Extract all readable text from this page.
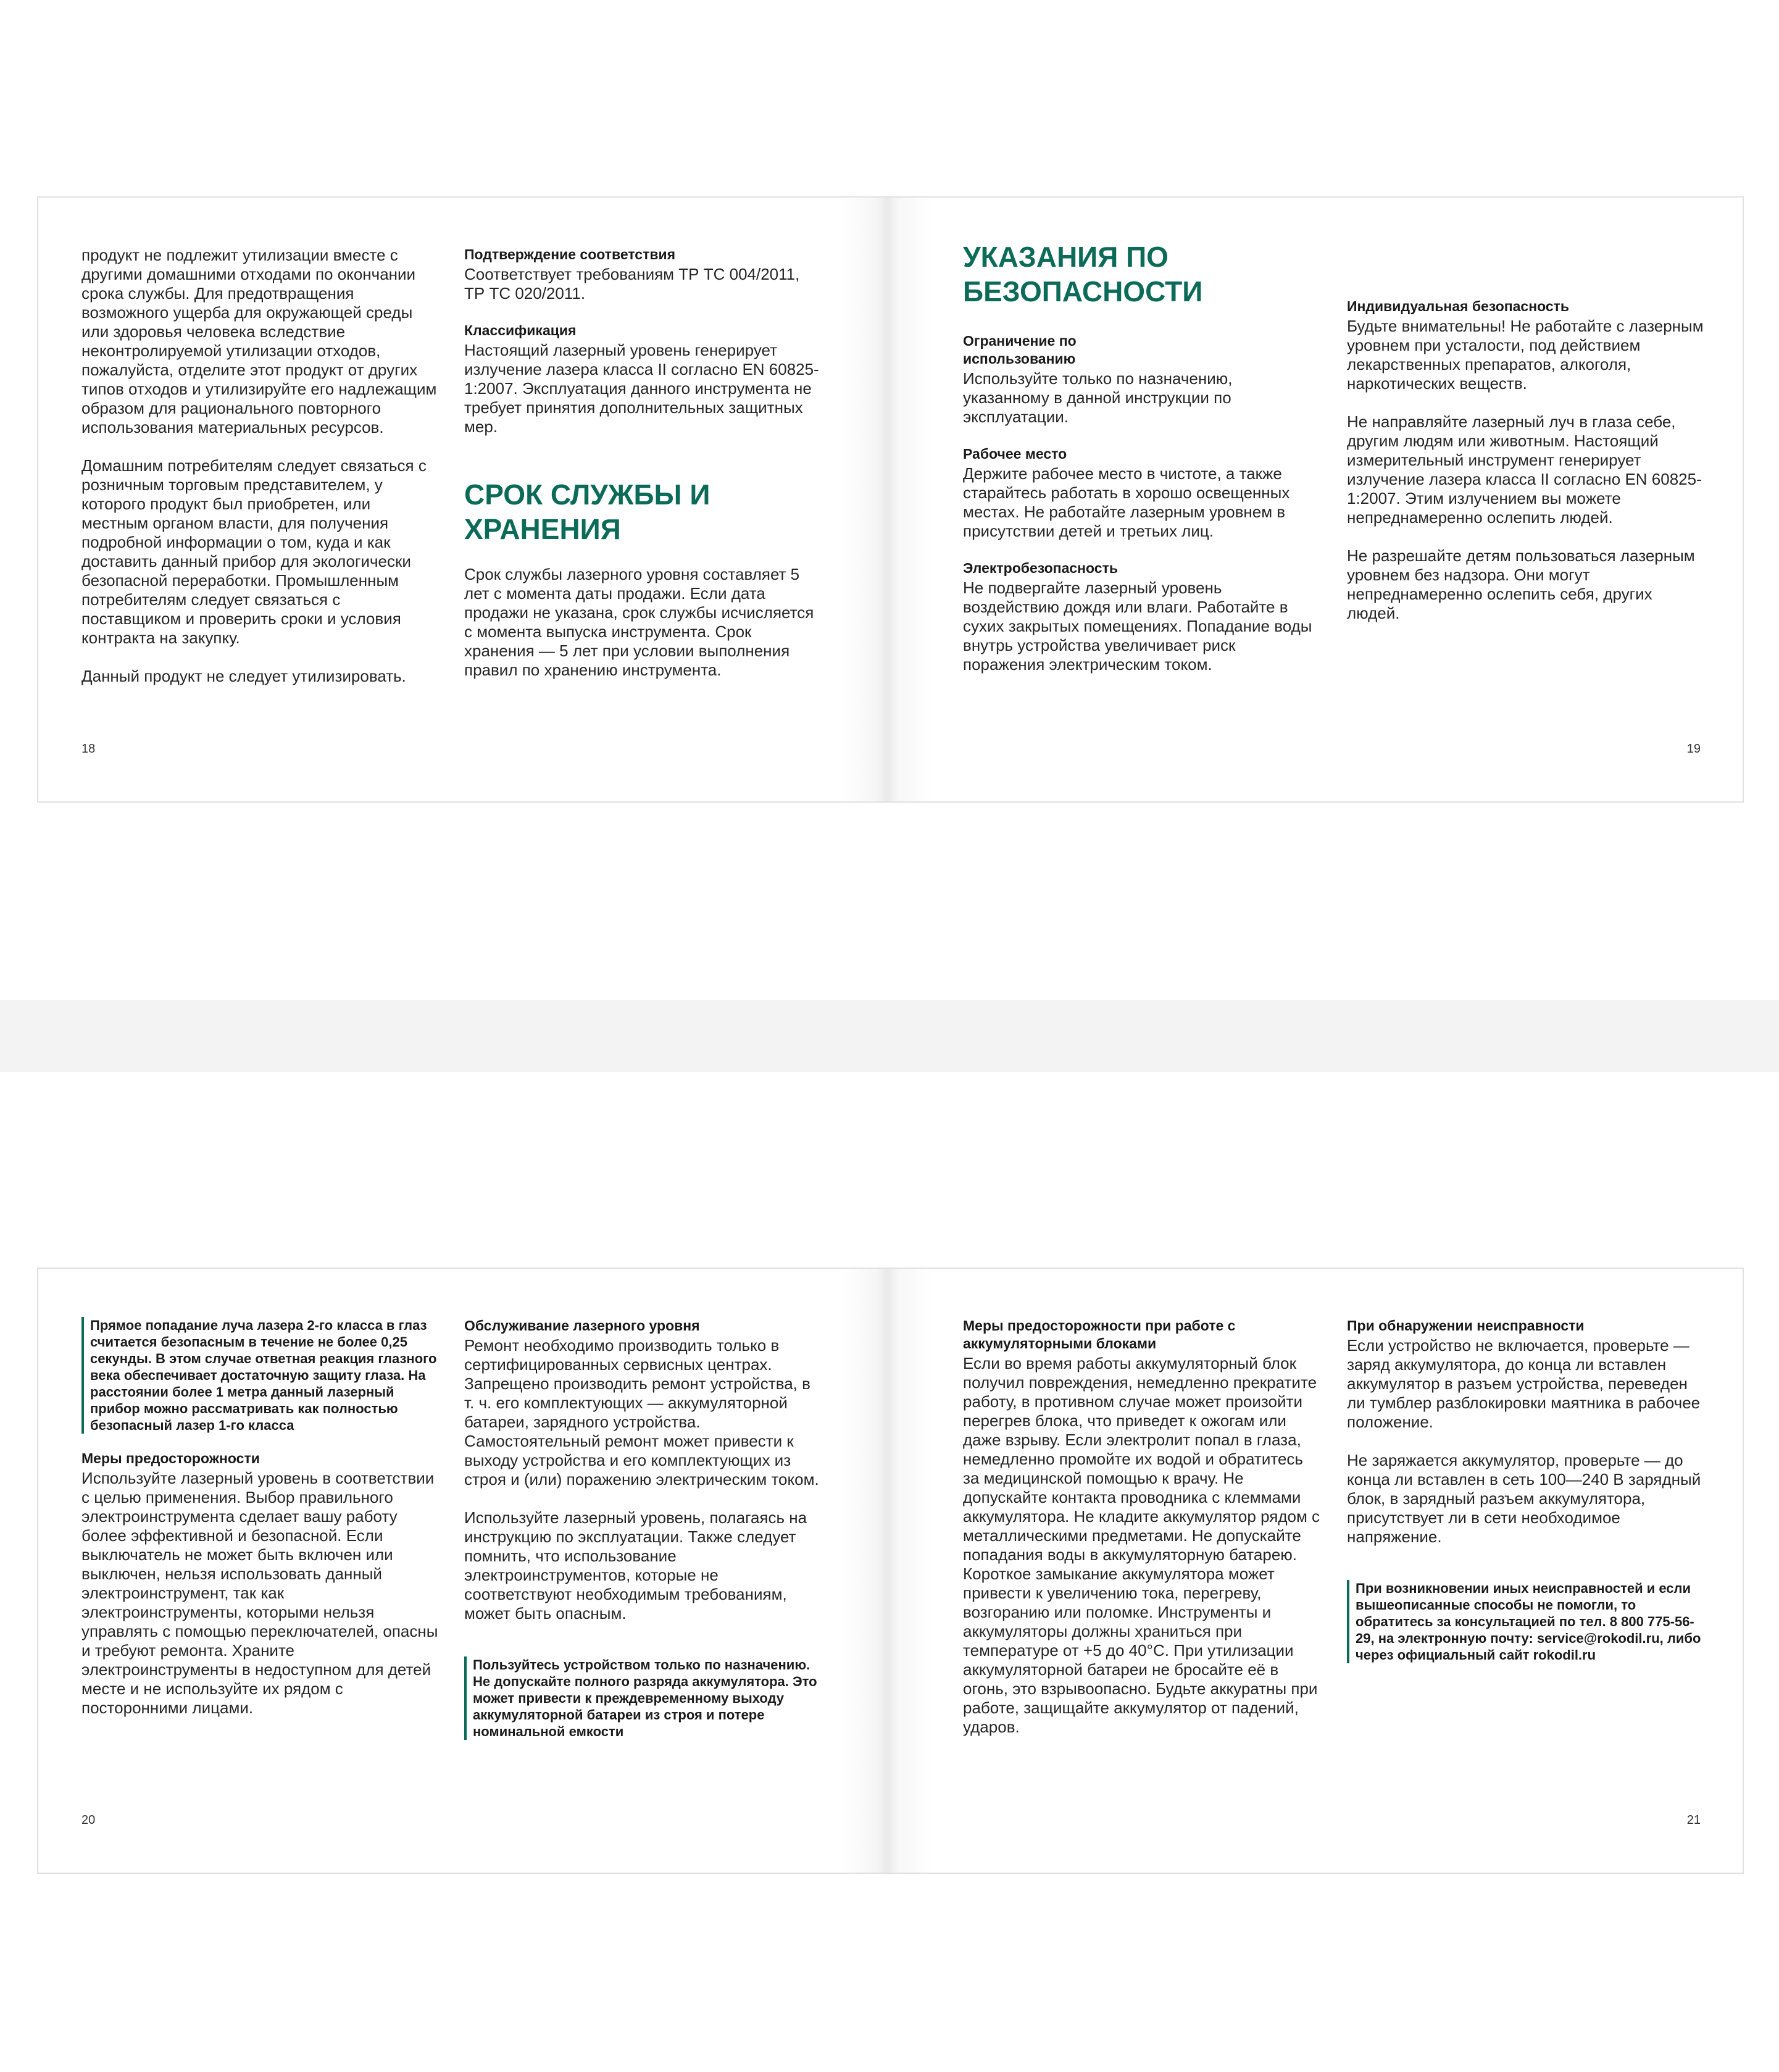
продукт не подлежит утилизации вместе с другими домашними отходами по окончании срока службы. Для предотвращения возможного ущерба для окружающей среды или здоровья человека вследствие неконтролируемой утилизации отходов, пожалуйста, отделите этот продукт от других типов отходов и утилизируйте его надлежащим образом для рационального повторного использования материальных ресурсов.

Домашним потребителям следует связаться с розничным торговым представителем, у которого продукт был приобретен, или местным органом власти, для получения подробной информации о том, куда и как доставить данный прибор для экологически безопасной переработки. Промышленным потребителям следует связаться с поставщиком и проверить сроки и условия контракта на закупку.

Данный продукт не следует утилизировать.

Подтверждение соответствия

Соответствует требованиям ТР ТС 004/2011, ТР ТС 020/2011.

Классификация

Настоящий лазерный уровень генерирует излучение лазера класса II согласно EN 60825-1:2007. Эксплуатация данного инструмента не требует принятия дополнительных защитных мер.

СРОК СЛУЖБЫ И ХРАНЕНИЯ

Срок службы лазерного уровня составляет 5 лет с момента даты продажи. Если дата продажи не указана, срок службы исчисляется с момента выпуска инструмента. Срок хранения — 5 лет при условии выполнения правил по хранению инструмента.

УКАЗАНИЯ ПО БЕЗОПАСНОСТИ
Ограничение по использованию

Используйте только по назначению, указанному в данной инструкции по эксплуатации.

Рабочее место

Держите рабочее место в чистоте, а также старайтесь работать в хорошо освещенных местах. Не работайте лазерным уровнем в присутствии детей и третьих лиц.

Электробезопасность

Не подвергайте лазерный уровень воздействию дождя или влаги. Работайте в сухих закрытых помещениях. Попадание воды внутрь устройства увеличивает риск поражения электрическим током.

Индивидуальная безопасность

Будьте внимательны! Не работайте с лазерным уровнем при усталости, под действием лекарственных препаратов, алкоголя, наркотических веществ.

Не направляйте лазерный луч в глаза себе, другим людям или животным. Настоящий измерительный инструмент генерирует излучение лазера класса II согласно EN 60825-1:2007. Этим излучением вы можете непреднамеренно ослепить людей.

Не разрешайте детям пользоваться лазерным уровнем без надзора. Они могут непреднамеренно ослепить себя, других людей.

18	19
Прямое попадание луча лазера 2-го класса в глаз считается безопасным в течение не более 0,25 секунды. В этом случае ответная реакция глазного века обеспечивает достаточную защиту глаза. На расстоянии более 1 метра данный лазерный прибор можно рассматривать как полностью безопасный лазер 1-го класса
Меры предосторожности

Используйте лазерный уровень в соответствии с целью применения. Выбор правильного электроинструмента сделает вашу работу более эффективной и безопасной. Если выключатель не может быть включен или выключен, нельзя использовать данный электроинструмент, так как электроинструменты, которыми нельзя управлять с помощью переключателей, опасны и требуют ремонта. Храните электроинструменты в недоступном для детей месте и не используйте их рядом с посторонними лицами.

Обслуживание лазерного уровня

Ремонт необходимо производить только в сертифицированных сервисных центрах. Запрещено производить ремонт устройства, в т. ч. его комплектующих — аккумуляторной батареи, зарядного устройства. Самостоятельный ремонт может привести к выходу устройства и его комплектующих из строя и (или) поражению электрическим током.

Используйте лазерный уровень, полагаясь на инструкцию по эксплуатации. Также следует помнить, что использование электроинструментов, которые не соответствуют необходимым требованиям, может быть опасным.

Пользуйтесь устройством только по назначению. Не допускайте полного разряда аккумулятора. Это может привести к преждевременному выходу аккумуляторной батареи из строя и потере номинальной емкости
Меры предосторожности при работе с аккумуляторными блоками

Если во время работы аккумуляторный блок получил повреждения, немедленно прекратите работу, в противном случае может произойти перегрев блока, что приведет к ожогам или даже взрыву. Если электролит попал в глаза, немедленно промойте их водой и обратитесь за медицинской помощью к врачу. Не допускайте контакта проводника с клеммами аккумулятора. Не кладите аккумулятор рядом с металлическими предметами. Не допускайте попадания воды в аккумуляторную батарею. Короткое замыкание аккумулятора может привести к увеличению тока, перегреву, возгоранию или поломке. Инструменты и аккумуляторы должны храниться при температуре от +5 до 40°С. При утилизации аккумуляторной батареи не бросайте её в огонь, это взрывоопасно. Будьте аккуратны при работе, защищайте аккумулятор от падений, ударов.

При обнаружении неисправности

Если устройство не включается, проверьте — заряд аккумулятора, до конца ли вставлен аккумулятор в разъем устройства, переведен ли тумблер разблокировки маятника в рабочее положение.

Не заряжается аккумулятор, проверьте — до конца ли вставлен в сеть 100—240 В зарядный блок, в зарядный разъем аккумулятора, присутствует ли в сети необходимое напряжение.

При возникновении иных неисправностей и если вышеописанные способы не помогли, то обратитесь за консультацией по тел. 8 800 775-56-29, на электронную почту: service@rokodil.ru, либо через официальный сайт rokodil.ru
20	21
